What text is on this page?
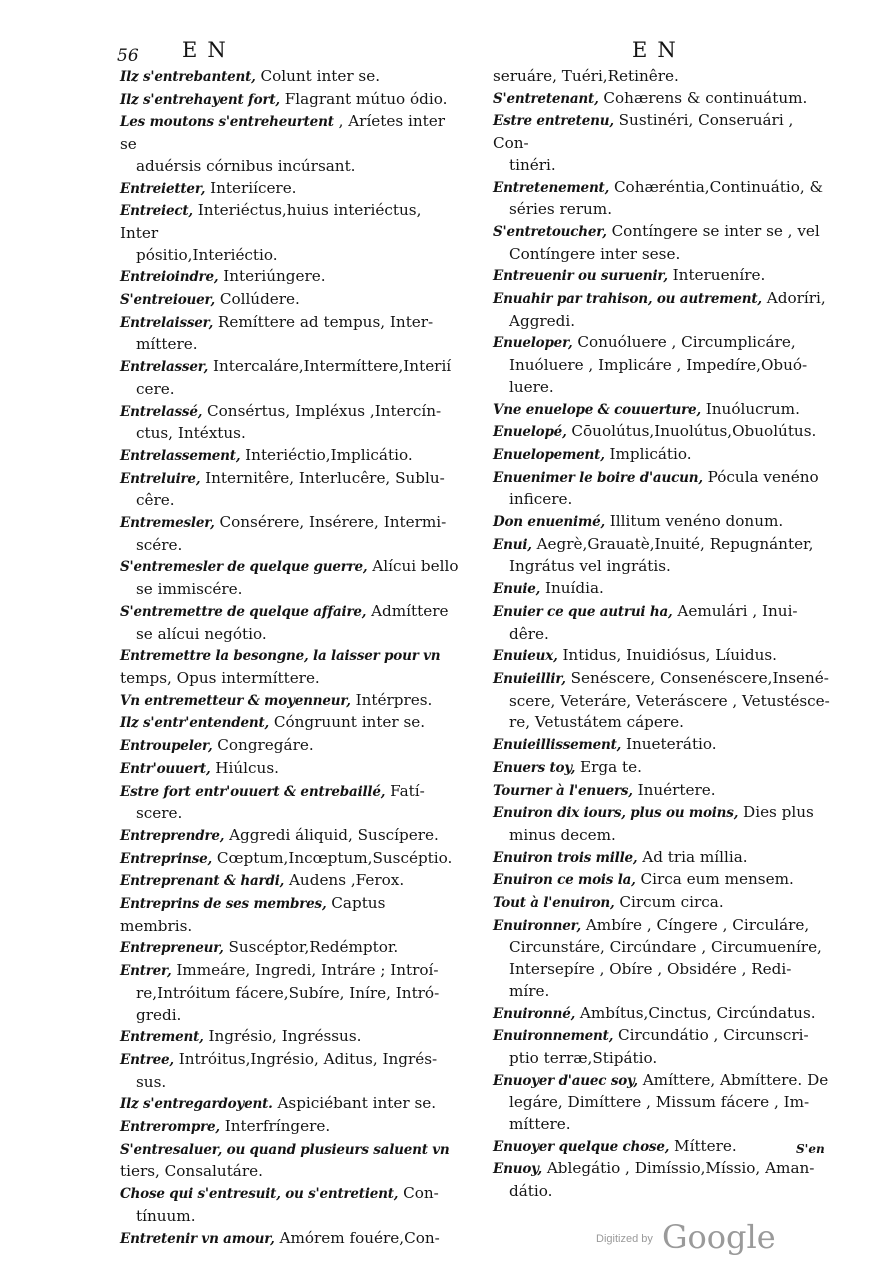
56 EN	EN
Ilz s'entrebantent, Colunt inter se.
Ilz s'entrehayent fort, Flagrant mútuo ódio.
Les moutons s'entreheurtent , Aríetes inter se
aduérsis córnibus incúrsant.
Entreietter, Interiícere.
Entreiect, Interiéctus,huius interiéctus, Inter
pósitio,Interiéctio.
Entreioindre, Interiúngere.
S'entreiouer, Collúdere.
Entrelaisser, Remíttere ad tempus, Inter-
míttere.
Entrelasser, Intercaláre,Intermíttere,Interií
cere.
Entrelassé, Consértus, Impléxus ,Intercín-
ctus, Intéxtus.
Entrelassement, Interiéctio,Implicátio.
Entreluire, Internitêre, Interlucêre, Sublu-
cêre.
Entremesler, Consérere, Insérere, Intermi-
scére.
S'entremesler de quelque guerre, Alícui bello
se immiscére.
S'entremettre de quelque affaire, Admíttere
se alícui negótio.
Entremettre la besongne, la laisser pour vn temps, Opus intermíttere.
Vn entremetteur & moyenneur, Intérpres.
Ilz s'entr'entendent, Cóngruunt inter se.
Entroupeler, Congregáre.
Entr'ouuert, Hiúlcus.
Estre fort entr'ouuert & entrebaillé, Fatí-
scere.
Entreprendre, Aggredi áliquid, Suscípere.
Entreprinse, Cœptum,Incœptum,Suscéptio.
Entreprenant & hardi, Audens ,Ferox.
Entreprins de ses membres, Captus membris.
Entrepreneur, Suscéptor,Redémptor.
Entrer, Immeáre, Ingredi, Intráre ; Introí-
re,Intróitum fácere,Subíre, Iníre, Intró-
gredi.
Entrement, Ingrésio, Ingréssus.
Entree, Intróitus,Ingrésio, Aditus, Ingrés-
sus.
Ilz s'entregardoyent. Aspiciébant inter se.
Entrerompre, Interfríngere.
S'entresaluer, ou quand plusieurs saluent vn tiers, Consalutáre.
Chose qui s'entresuit, ou s'entretient, Con-
tínuum.
Entretenir vn amour, Amórem fouére,Con-
seruáre, Tuéri,Retinêre.
S'entretenant, Cohærens & continuátum.
Estre entretenu, Sustinéri, Conseruári , Con-
tinéri.
Entretenement, Cohæréntia,Continuátio, &
séries rerum.
S'entretoucher, Contíngere se inter se , vel
Contíngere inter sese.
Entreuenir ou suruenir, Interueníre.
Enuahir par trahison, ou autrement, Adoríri,
Aggredi.
Enueloper, Conuóluere , Circumplicáre,
Inuóluere , Implicáre , Impedíre,Obuó-
luere.
Vne enuelope & couuerture, Inuólucrum.
Enuelopé, Cōuolútus,Inuolútus,Obuolútus.
Enuelopement, Implicátio.
Enuenimer le boire d'aucun, Pócula venéno
inficere.
Don enuenimé, Illitum venéno donum.
Enui, Aegrè,Grauatè,Inuité, Repugnánter,
Ingrátus vel ingrátis.
Enuie, Inuídia.
Enuier ce que autrui ha, Aemulári , Inui-
dêre.
Enuieux, Intidus, Inuidiósus, Líuidus.
Enuieillir, Senéscere, Consenéscere,Insené-
scere, Veteráre, Veteráscere , Vetustésce-
re, Vetustátem cápere.
Enuieillissement, Inueterátio.
Enuers toy, Erga te.
Tourner à l'enuers, Inuértere.
Enuiron dix iours, plus ou moins, Dies plus
minus decem.
Enuiron trois mille, Ad tria míllia.
Enuiron ce mois la, Circa eum mensem.
Tout à l'enuiron, Circum circa.
Enuironner, Ambíre , Cíngere , Circuláre,
Circunstáre, Circúndare , Circumueníre,
Intersepíre , Obíre , Obsidére , Redi-
míre.
Enuironné, Ambítus,Cinctus, Circúndatus.
Enuironnement, Circundátio , Circunscri-
ptio terræ,Stipátio.
Enuoyer d'auec soy, Amíttere, Abmíttere. De
legáre, Dimíttere , Missum fácere , Im-
míttere.
Enuoyer quelque chose, Míttere.
Enuoy, Ablegátio , Dimíssio,Míssio, Aman-
dátio.
S'en
Digitized by Google
